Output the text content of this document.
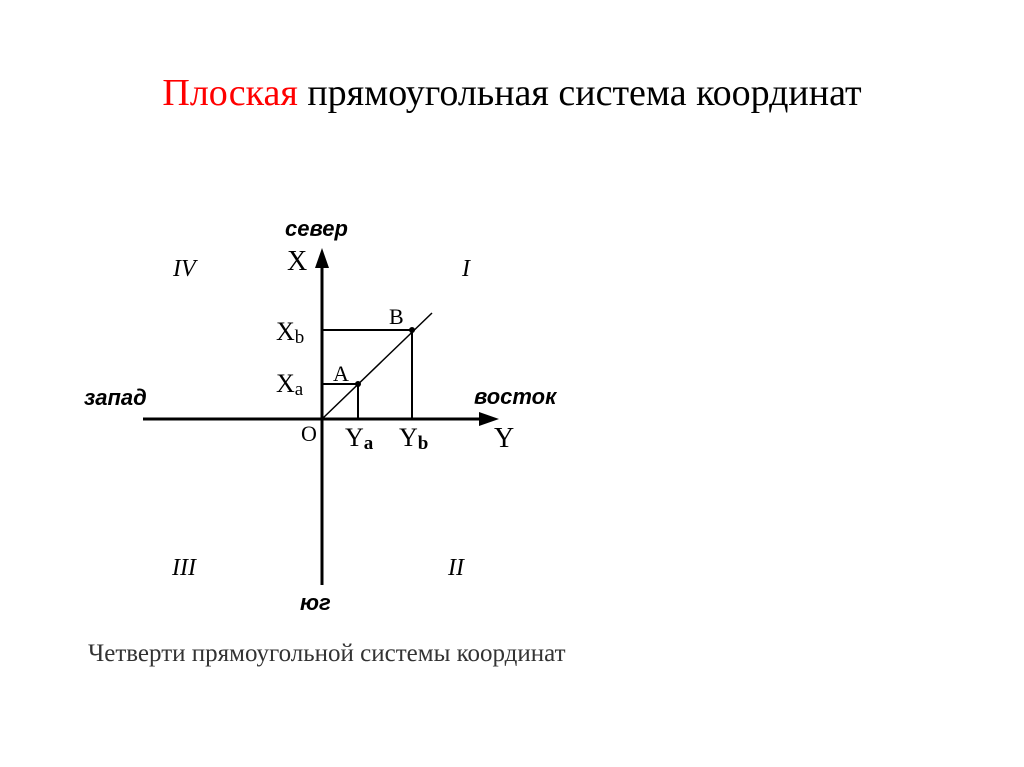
Плоская прямоугольная система координат
север
юг
запад	восток
X
Y
O
B
A
Xb
Xa
Ya Yb
IV	I
III	II
Четверти прямоугольной системы координат
